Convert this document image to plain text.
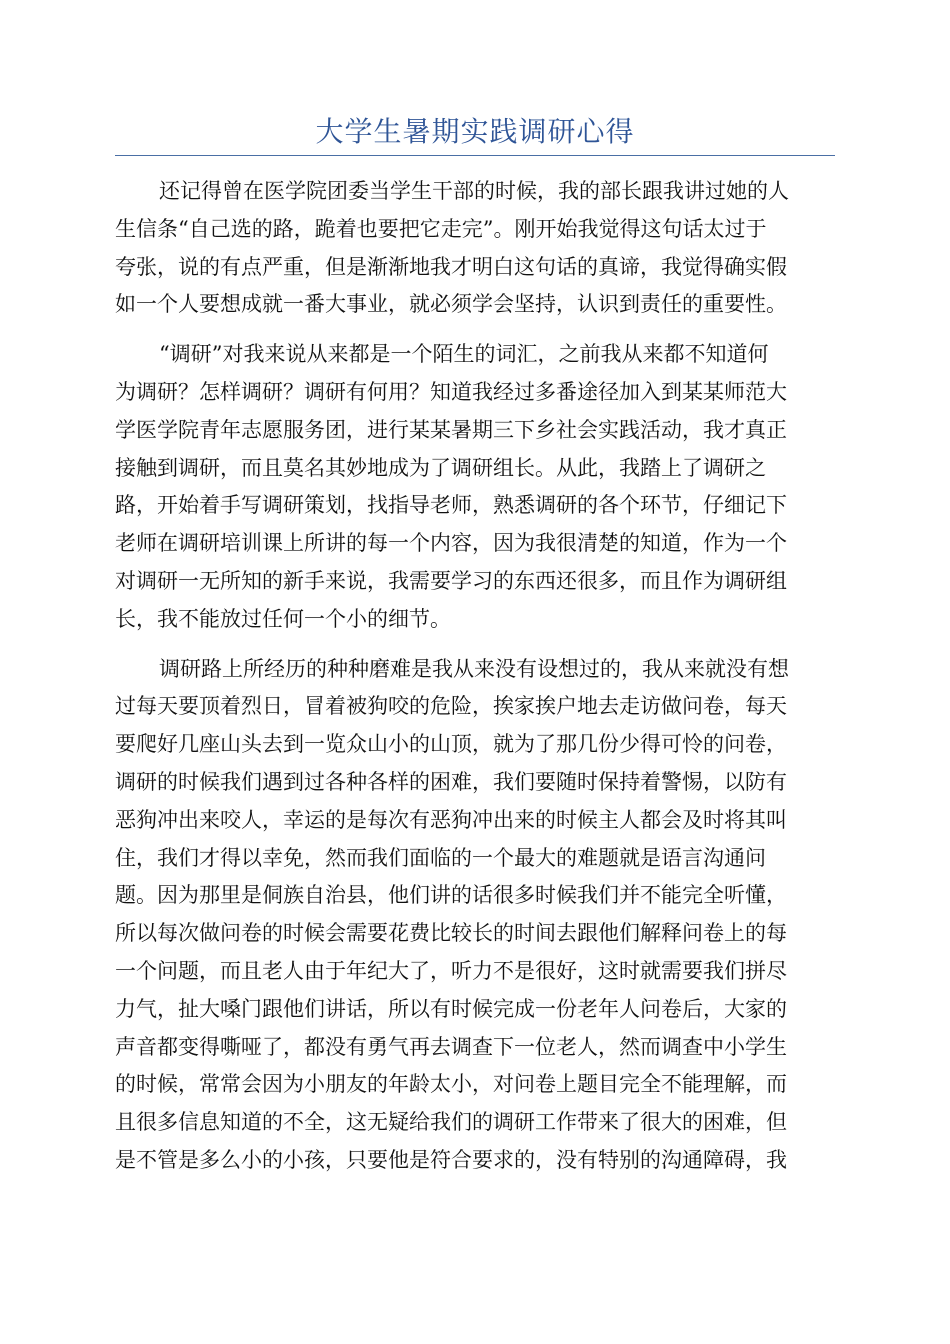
大学生暑期实践调研心得

还记得曾在医学院团委当学生干部的时候，我的部长跟我讲过她的人
生信条“自己选的路，跪着也要把它走完”。刚开始我觉得这句话太过于
夸张，说的有点严重，但是渐渐地我才明白这句话的真谛，我觉得确实假
如一个人要想成就一番大事业，就必须学会坚持，认识到责任的重要性。

“调研”对我来说从来都是一个陌生的词汇，之前我从来都不知道何
为调研？怎样调研？调研有何用？知道我经过多番途径加入到某某师范大
学医学院青年志愿服务团，进行某某暑期三下乡社会实践活动，我才真正
接触到调研，而且莫名其妙地成为了调研组长。从此，我踏上了调研之
路，开始着手写调研策划，找指导老师，熟悉调研的各个环节，仔细记下
老师在调研培训课上所讲的每一个内容，因为我很清楚的知道，作为一个
对调研一无所知的新手来说，我需要学习的东西还很多，而且作为调研组
长，我不能放过任何一个小的细节。

调研路上所经历的种种磨难是我从来没有设想过的，我从来就没有想
过每天要顶着烈日，冒着被狗咬的危险，挨家挨户地去走访做问卷，每天
要爬好几座山头去到一览众山小的山顶，就为了那几份少得可怜的问卷，
调研的时候我们遇到过各种各样的困难，我们要随时保持着警惕，以防有
恶狗冲出来咬人，幸运的是每次有恶狗冲出来的时候主人都会及时将其叫
住，我们才得以幸免，然而我们面临的一个最大的难题就是语言沟通问
题。因为那里是侗族自治县，他们讲的话很多时候我们并不能完全听懂，
所以每次做问卷的时候会需要花费比较长的时间去跟他们解释问卷上的每
一个问题，而且老人由于年纪大了，听力不是很好，这时就需要我们拼尽
力气，扯大嗓门跟他们讲话，所以有时候完成一份老年人问卷后，大家的
声音都变得嘶哑了，都没有勇气再去调查下一位老人，然而调查中小学生
的时候，常常会因为小朋友的年龄太小，对问卷上题目完全不能理解，而
且很多信息知道的不全，这无疑给我们的调研工作带来了很大的困难，但
是不管是多么小的小孩，只要他是符合要求的，没有特别的沟通障碍，我
